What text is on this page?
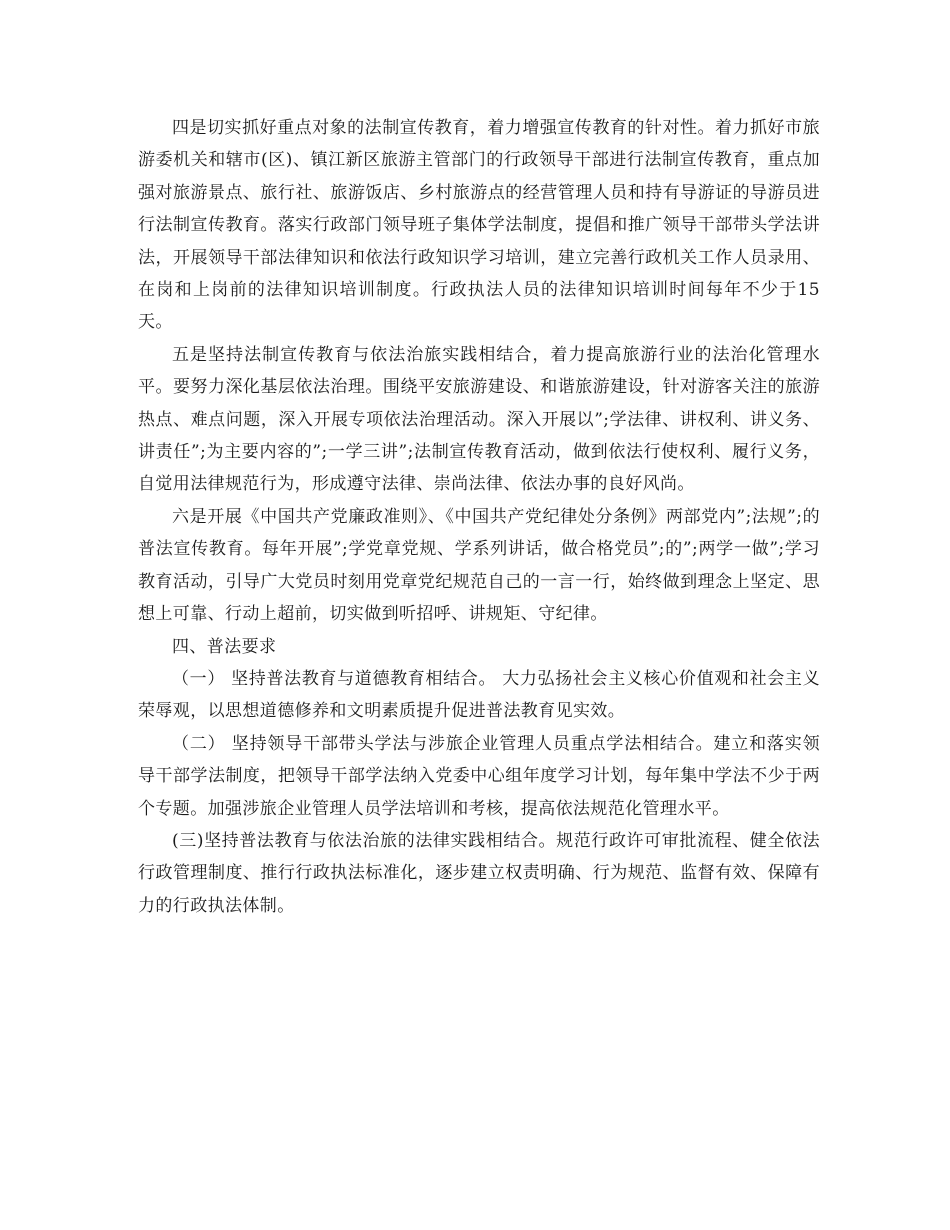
四是切实抓好重点对象的法制宣传教育，着力增强宣传教育的针对性。着力抓好市旅游委机关和辖市(区)、镇江新区旅游主管部门的行政领导干部进行法制宣传教育，重点加强对旅游景点、旅行社、旅游饭店、乡村旅游点的经营管理人员和持有导游证的导游员进行法制宣传教育。落实行政部门领导班子集体学法制度，提倡和推广领导干部带头学法讲法，开展领导干部法律知识和依法行政知识学习培训，建立完善行政机关工作人员录用、在岗和上岗前的法律知识培训制度。行政执法人员的法律知识培训时间每年不少于15天。

五是坚持法制宣传教育与依法治旅实践相结合，着力提高旅游行业的法治化管理水平。要努力深化基层依法治理。围绕平安旅游建设、和谐旅游建设，针对游客关注的旅游热点、难点问题，深入开展专项依法治理活动。深入开展以”;学法律、讲权利、讲义务、讲责任”;为主要内容的”;一学三讲”;法制宣传教育活动，做到依法行使权利、履行义务，自觉用法律规范行为，形成遵守法律、崇尚法律、依法办事的良好风尚。

六是开展《中国共产党廉政准则》、《中国共产党纪律处分条例》两部党内”;法规”;的普法宣传教育。每年开展”;学党章党规、学系列讲话，做合格党员”;的”;两学一做”;学习教育活动，引导广大党员时刻用党章党纪规范自己的一言一行，始终做到理念上坚定、思想上可靠、行动上超前，切实做到听招呼、讲规矩、守纪律。

四、普法要求

（一） 坚持普法教育与道德教育相结合。 大力弘扬社会主义核心价值观和社会主义荣辱观，以思想道德修养和文明素质提升促进普法教育见实效。

（二） 坚持领导干部带头学法与涉旅企业管理人员重点学法相结合。建立和落实领导干部学法制度，把领导干部学法纳入党委中心组年度学习计划，每年集中学法不少于两个专题。加强涉旅企业管理人员学法培训和考核，提高依法规范化管理水平。

(三)坚持普法教育与依法治旅的法律实践相结合。规范行政许可审批流程、健全依法行政管理制度、推行行政执法标准化，逐步建立权责明确、行为规范、监督有效、保障有力的行政执法体制。
